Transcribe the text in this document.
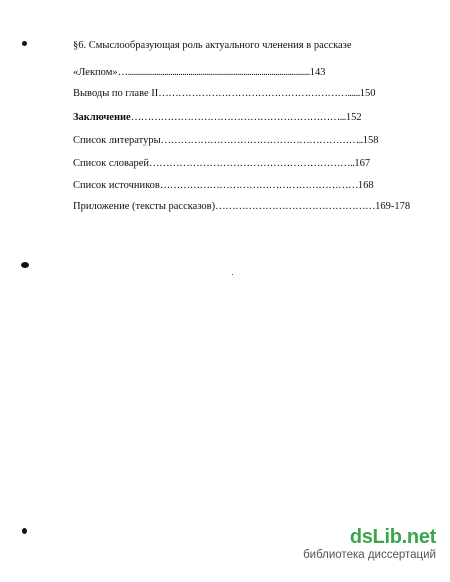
§6. Смыслообразующая роль актуального членения в рассказе
«Лекпом»…..........................................................................................143
Выводы по главе II…………………………………………………......150
Заключение………………………………………………………...152
Список литературы……………………………………………………..158
Список словарей……………………………………………………..167
Список источников……………………………………………………168
Приложение (тексты рассказов)…………………………………………169-178
dsLib.net
библиотека диссертаций
